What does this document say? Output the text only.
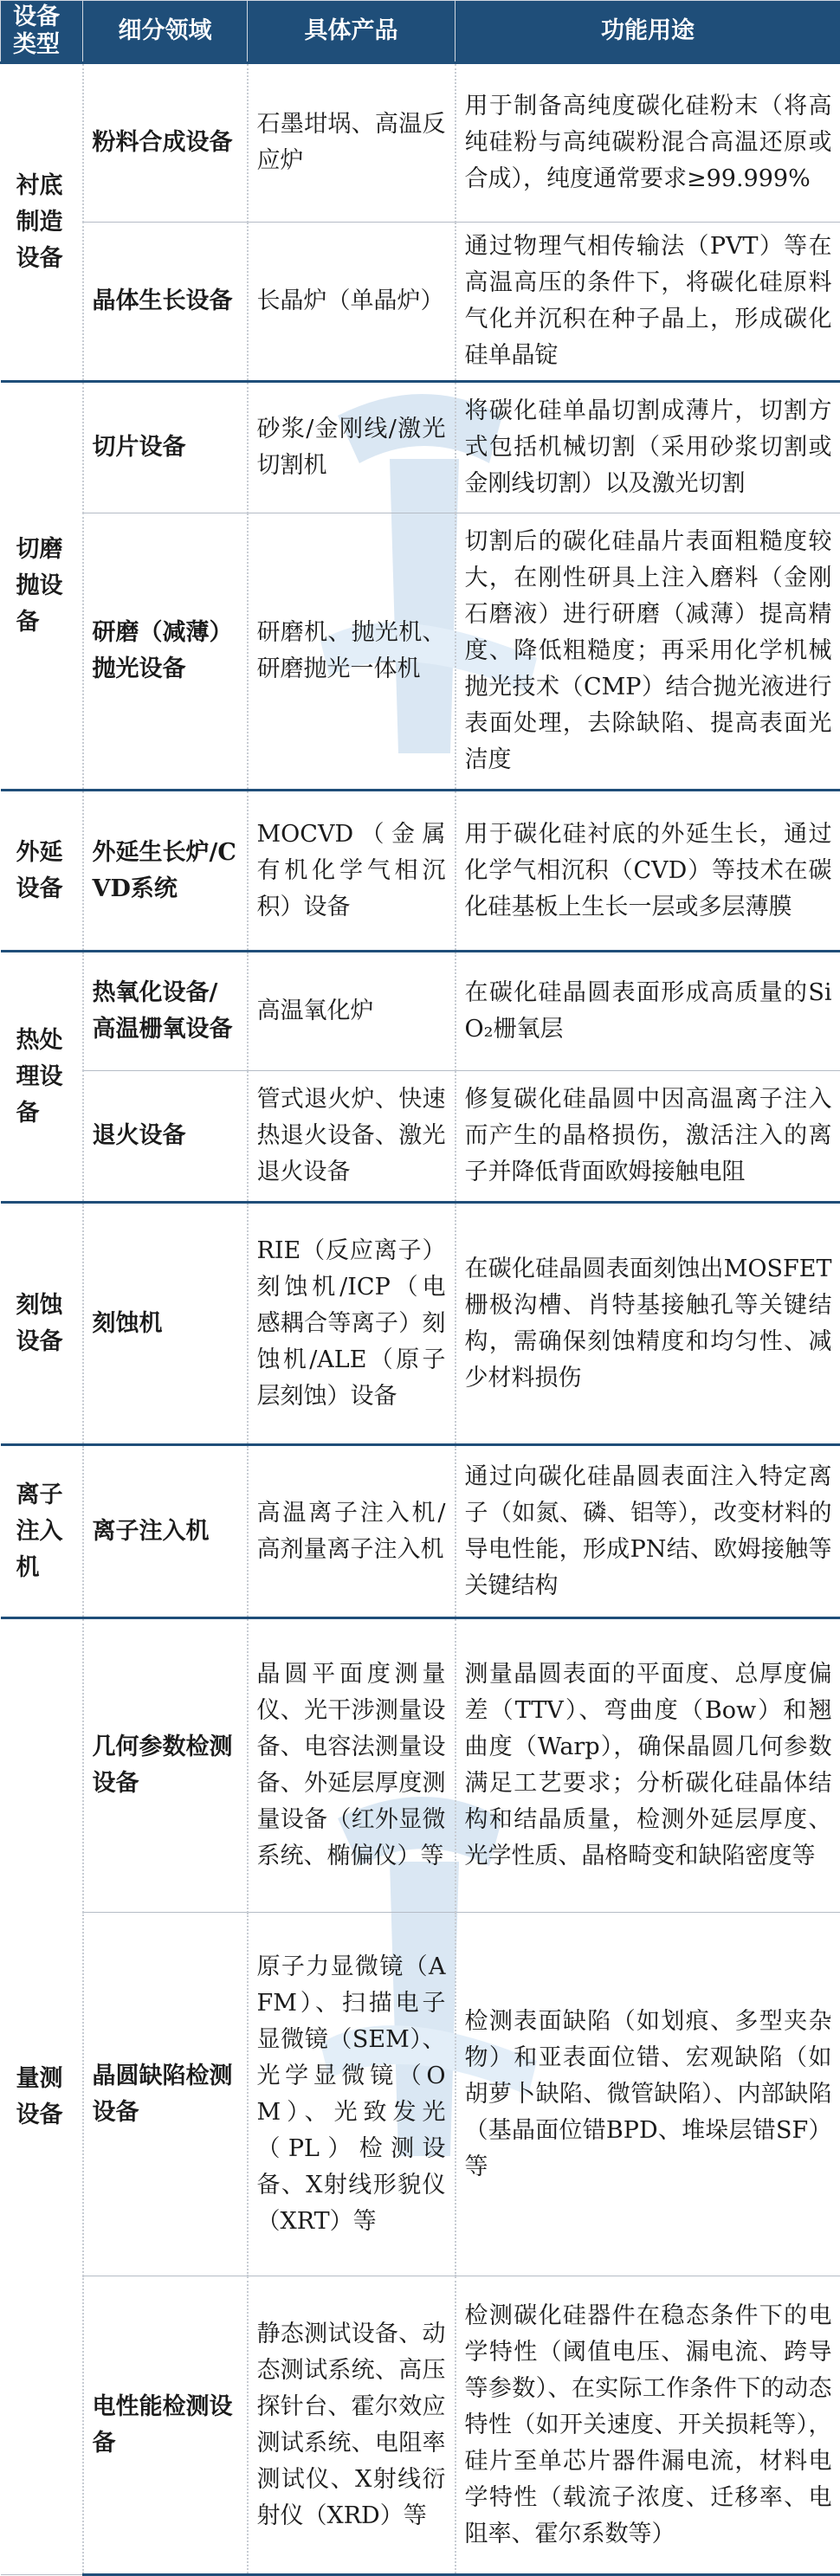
设备类型	细分领域	具体产品	功能用途
衬底制造设备	粉料合成设备	石墨坩埚、高温反应炉	用于制备高纯度碳化硅粉末（将高纯硅粉与高纯碳粉混合高温还原或合成），纯度通常要求≥99.999%
	晶体生长设备	长晶炉（单晶炉）	通过物理气相传输法（PVT）等在高温高压的条件下，将碳化硅原料气化并沉积在种子晶上，形成碳化硅单晶锭
切磨抛设备	切片设备	砂浆/金刚线/激光切割机	将碳化硅单晶切割成薄片，切割方式包括机械切割（采用砂浆切割或金刚线切割）以及激光切割
	研磨（减薄）抛光设备	研磨机、抛光机、研磨抛光一体机	切割后的碳化硅晶片表面粗糙度较大，在刚性研具上注入磨料（金刚石磨液）进行研磨（减薄）提高精度、降低粗糙度；再采用化学机械抛光技术（CMP）结合抛光液进行表面处理，去除缺陷、提高表面光洁度
外延设备	外延生长炉/CVD系统	MOCVD（金属有机化学气相沉积）设备	用于碳化硅衬底的外延生长，通过化学气相沉积（CVD）等技术在碳化硅基板上生长一层或多层薄膜
热处理设备	热氧化设备/高温栅氧设备	高温氧化炉	在碳化硅晶圆表面形成高质量的SiO₂栅氧层
	退火设备	管式退火炉、快速热退火设备、激光退火设备	修复碳化硅晶圆中因高温离子注入而产生的晶格损伤，激活注入的离子并降低背面欧姆接触电阻
刻蚀设备	刻蚀机	RIE（反应离子）刻蚀机/ICP（电感耦合等离子）刻蚀机/ALE（原子层刻蚀）设备	在碳化硅晶圆表面刻蚀出MOSFET栅极沟槽、肖特基接触孔等关键结构，需确保刻蚀精度和均匀性、减少材料损伤
离子注入机	离子注入机	高温离子注入机/高剂量离子注入机	通过向碳化硅晶圆表面注入特定离子（如氮、磷、铝等），改变材料的导电性能，形成PN结、欧姆接触等关键结构
量测设备	几何参数检测设备	晶圆平面度测量仪、光干涉测量设备、电容法测量设备、外延层厚度测量设备（红外显微系统、椭偏仪）等	测量晶圆表面的平面度、总厚度偏差（TTV）、弯曲度（Bow）和翘曲度（Warp），确保晶圆几何参数满足工艺要求；分析碳化硅晶体结构和结晶质量，检测外延层厚度、光学性质、晶格畸变和缺陷密度等
	晶圆缺陷检测设备	原子力显微镜（AFM）、扫描电子显微镜（SEM）、光学显微镜（OM）、光致发光（PL）检测设备、X射线形貌仪（XRT）等	检测表面缺陷（如划痕、多型夹杂物）和亚表面位错、宏观缺陷（如胡萝卜缺陷、微管缺陷）、内部缺陷（基晶面位错BPD、堆垛层错SF）等
	电性能检测设备	静态测试设备、动态测试系统、高压探针台、霍尔效应测试系统、电阻率测试仪、X射线衍射仪（XRD）等	检测碳化硅器件在稳态条件下的电学特性（阈值电压、漏电流、跨导等参数）、在实际工作条件下的动态特性（如开关速度、开关损耗等），硅片至单芯片器件漏电流，材料电学特性（载流子浓度、迁移率、电阻率、霍尔系数等）
